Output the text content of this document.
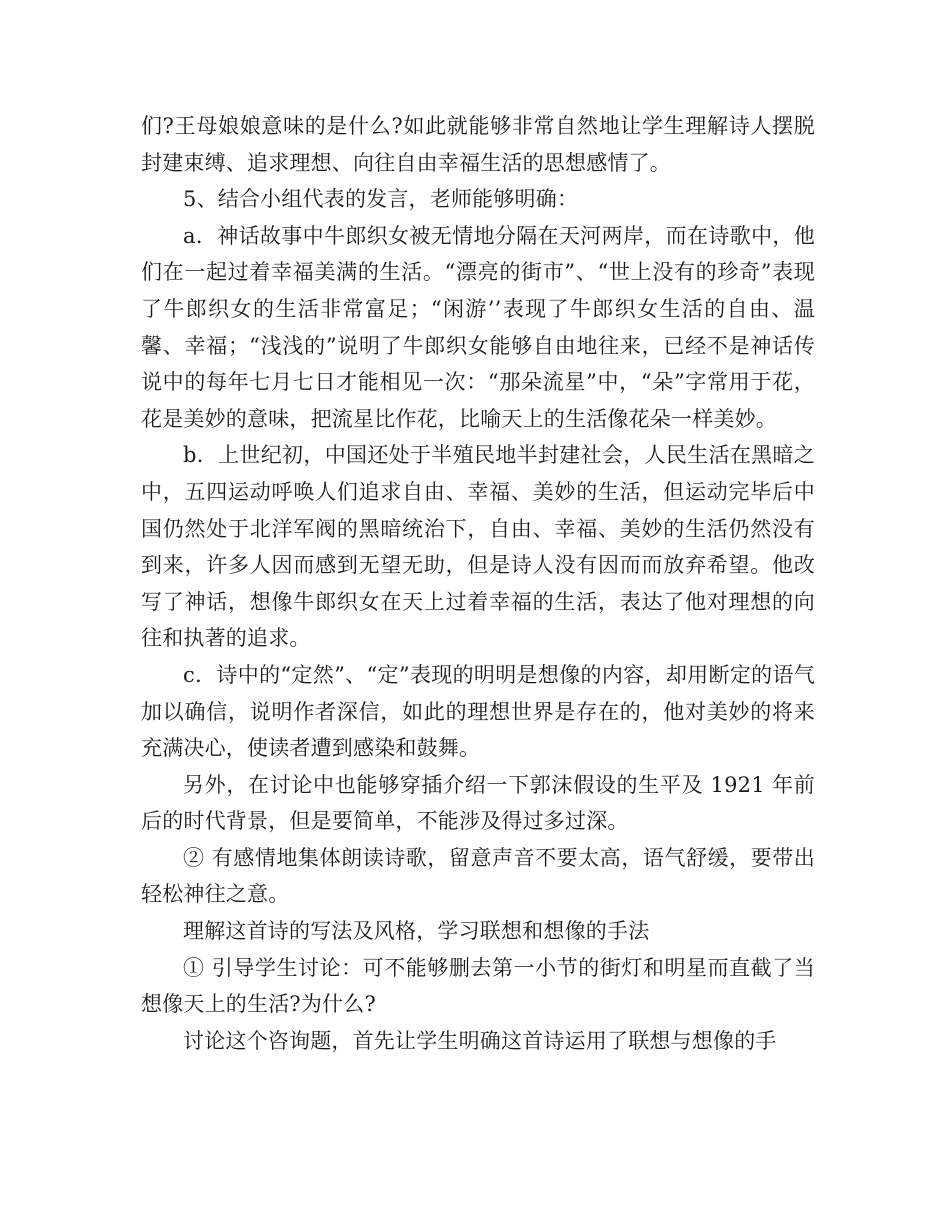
们?王母娘娘意味的是什么?如此就能够非常自然地让学生理解诗人摆脱封建束缚、追求理想、向往自由幸福生活的思想感情了。

5、结合小组代表的发言，老师能够明确：

a．神话故事中牛郎织女被无情地分隔在天河两岸，而在诗歌中，他们在一起过着幸福美满的生活。“漂亮的街市”、“世上没有的珍奇”表现了牛郎织女的生活非常富足；“闲游’’表现了牛郎织女生活的自由、温馨、幸福；“浅浅的”说明了牛郎织女能够自由地往来，已经不是神话传说中的每年七月七日才能相见一次：“那朵流星”中，“朵”字常用于花，花是美妙的意味，把流星比作花，比喻天上的生活像花朵一样美妙。

b．上世纪初，中国还处于半殖民地半封建社会，人民生活在黑暗之中，五四运动呼唤人们追求自由、幸福、美妙的生活，但运动完毕后中国仍然处于北洋军阀的黑暗统治下，自由、幸福、美妙的生活仍然没有到来，许多人因而感到无望无助，但是诗人没有因而而放弃希望。他改写了神话，想像牛郎织女在天上过着幸福的生活，表达了他对理想的向往和执著的追求。

c．诗中的“定然”、“定”表现的明明是想像的内容，却用断定的语气加以确信，说明作者深信，如此的理想世界是存在的，他对美妙的将来充满决心，使读者遭到感染和鼓舞。

另外，在讨论中也能够穿插介绍一下郭沫假设的生平及 1921 年前后的时代背景，但是要简单，不能涉及得过多过深。

② 有感情地集体朗读诗歌，留意声音不要太高，语气舒缓，要带出轻松神往之意。

理解这首诗的写法及风格，学习联想和想像的手法

① 引导学生讨论：可不能够删去第一小节的街灯和明星而直截了当想像天上的生活?为什么?

讨论这个咨询题，首先让学生明确这首诗运用了联想与想像的手
